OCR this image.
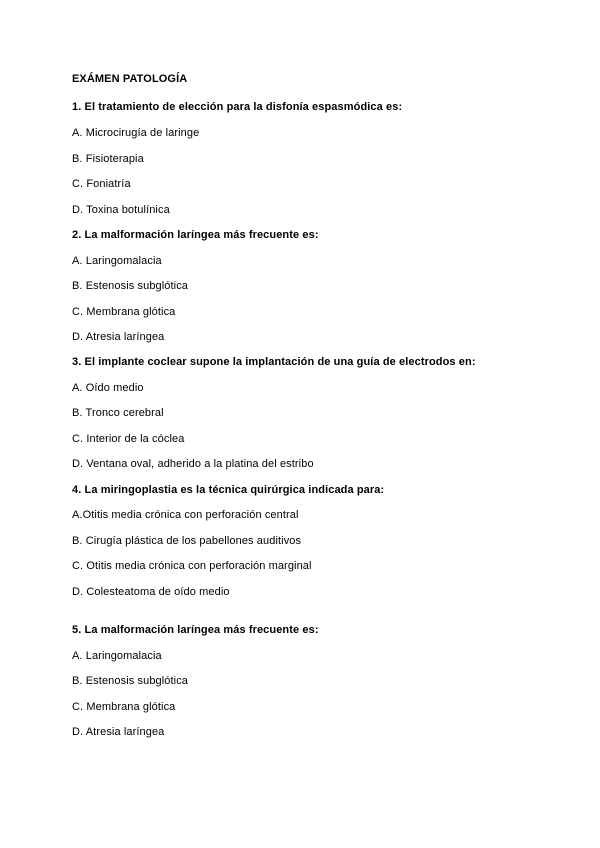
EXÁMEN PATOLOGÍA
1. El tratamiento de elección para la disfonía espasmódica es:
A. Microcirugía de laringe
B. Fisioterapia
C. Foniatría
D. Toxina botulínica
2. La malformación laríngea más frecuente es:
A. Laringomalacia
B. Estenosis subglótica
C. Membrana glótica
D. Atresia laríngea
3. El implante coclear supone la implantación de una guía de electrodos en:
A. Oído medio
B. Tronco cerebral
C. Interior de la cóclea
D. Ventana oval, adherido a la platina del estribo
4. La miringoplastia es la técnica quirúrgica indicada para:
A.Otitis media crónica con perforación central
B. Cirugía plástica de los pabellones auditivos
C. Otitis media crónica con perforación marginal
D. Colesteatoma de oído medio
5. La malformación laríngea más frecuente es:
A. Laringomalacia
B. Estenosis subglótica
C. Membrana glótica
D. Atresia laríngea
